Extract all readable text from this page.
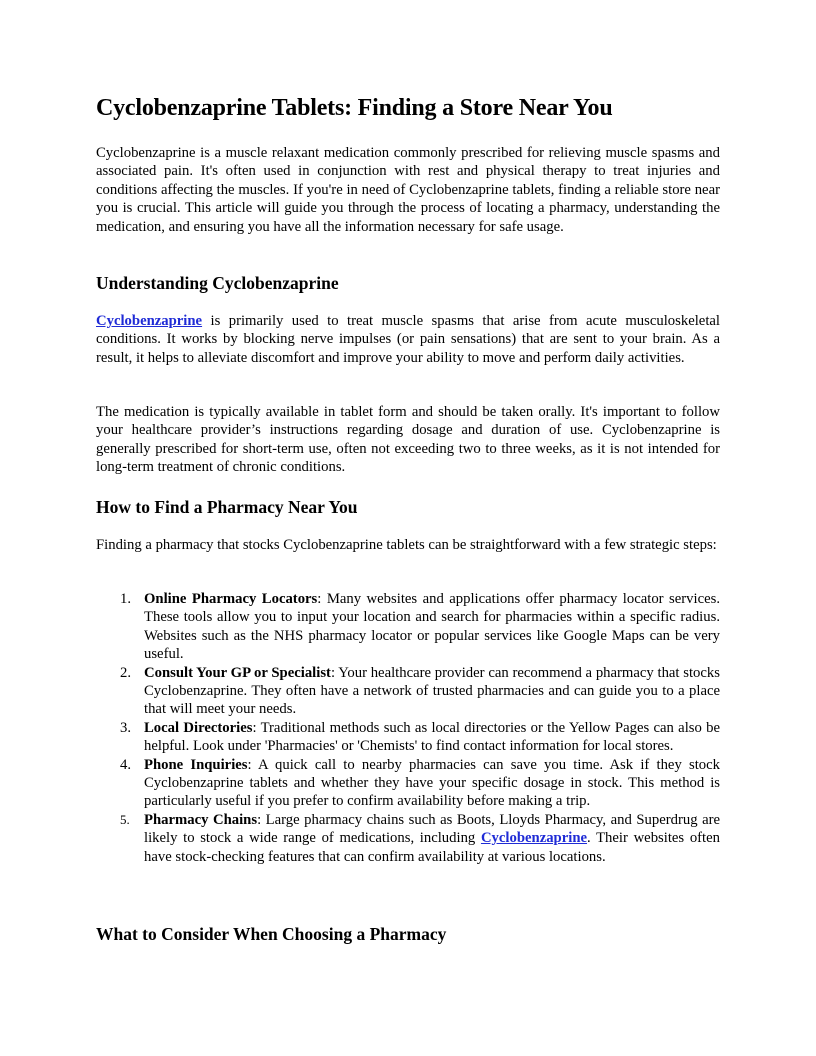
Cyclobenzaprine Tablets: Finding a Store Near You

Cyclobenzaprine is a muscle relaxant medication commonly prescribed for relieving muscle spasms and associated pain. It's often used in conjunction with rest and physical therapy to treat injuries and conditions affecting the muscles. If you're in need of Cyclobenzaprine tablets, finding a reliable store near you is crucial. This article will guide you through the process of locating a pharmacy, understanding the medication, and ensuring you have all the information necessary for safe usage.

Understanding Cyclobenzaprine

Cyclobenzaprine is primarily used to treat muscle spasms that arise from acute musculoskeletal conditions. It works by blocking nerve impulses (or pain sensations) that are sent to your brain. As a result, it helps to alleviate discomfort and improve your ability to move and perform daily activities.

The medication is typically available in tablet form and should be taken orally. It's important to follow your healthcare provider’s instructions regarding dosage and duration of use. Cyclobenzaprine is generally prescribed for short-term use, often not exceeding two to three weeks, as it is not intended for long-term treatment of chronic conditions.

How to Find a Pharmacy Near You

Finding a pharmacy that stocks Cyclobenzaprine tablets can be straightforward with a few strategic steps:

1. Online Pharmacy Locators: Many websites and applications offer pharmacy locator services. These tools allow you to input your location and search for pharmacies within a specific radius. Websites such as the NHS pharmacy locator or popular services like Google Maps can be very useful.
2. Consult Your GP or Specialist: Your healthcare provider can recommend a pharmacy that stocks Cyclobenzaprine. They often have a network of trusted pharmacies and can guide you to a place that will meet your needs.
3. Local Directories: Traditional methods such as local directories or the Yellow Pages can also be helpful. Look under 'Pharmacies' or 'Chemists' to find contact information for local stores.
4. Phone Inquiries: A quick call to nearby pharmacies can save you time. Ask if they stock Cyclobenzaprine tablets and whether they have your specific dosage in stock. This method is particularly useful if you prefer to confirm availability before making a trip.
5. Pharmacy Chains: Large pharmacy chains such as Boots, Lloyds Pharmacy, and Superdrug are likely to stock a wide range of medications, including Cyclobenzaprine. Their websites often have stock-checking features that can confirm availability at various locations.
What to Consider When Choosing a Pharmacy
